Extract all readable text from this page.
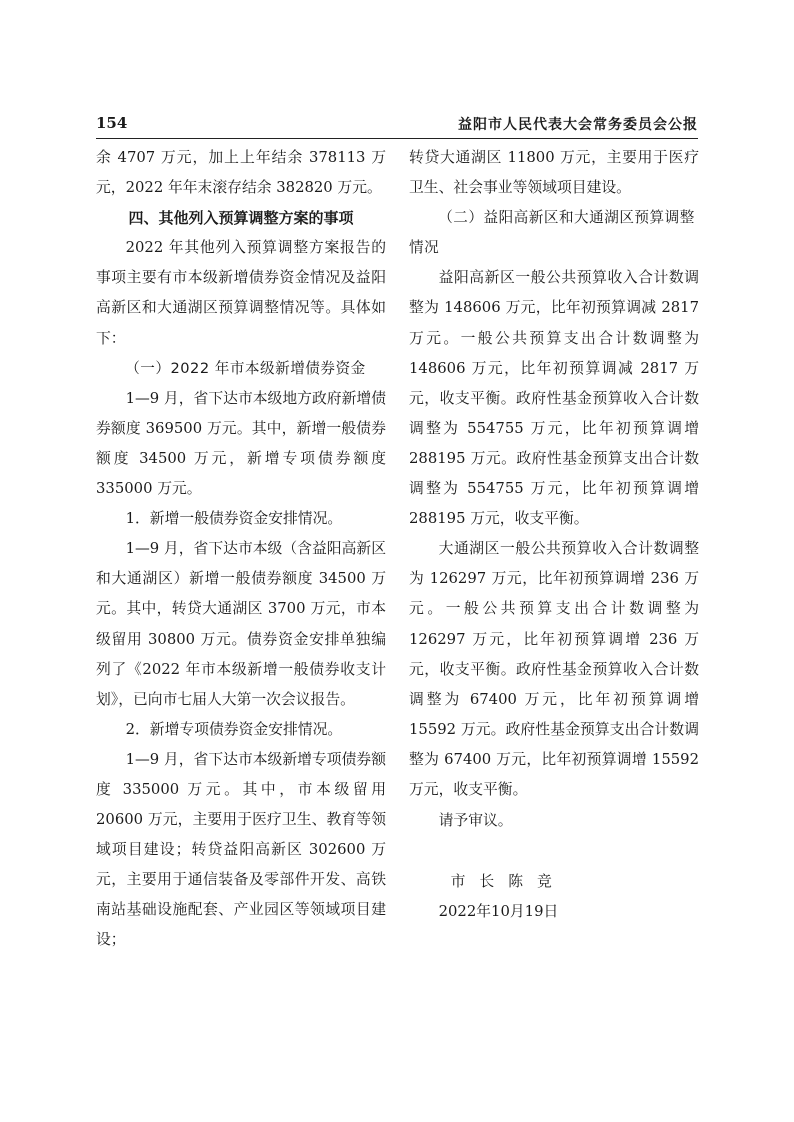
154	益阳市人民代表大会常务委员会公报

余 4707 万元，加上上年结余 378113 万元，2022 年年末滚存结余 382820 万元。

四、其他列入预算调整方案的事项

2022 年其他列入预算调整方案报告的事项主要有市本级新增债券资金情况及益阳高新区和大通湖区预算调整情况等。具体如下：

（一）2022 年市本级新增债券资金

1—9 月，省下达市本级地方政府新增债券额度 369500 万元。其中，新增一般债券额度 34500 万元，新增专项债券额度 335000 万元。

1．新增一般债券资金安排情况。

1—9 月，省下达市本级（含益阳高新区和大通湖区）新增一般债券额度 34500 万元。其中，转贷大通湖区 3700 万元，市本级留用 30800 万元。债券资金安排单独编列了《2022 年市本级新增一般债券收支计划》，已向市七届人大第一次会议报告。

2．新增专项债券资金安排情况。

1—9 月，省下达市本级新增专项债券额度 335000 万元。其中，市本级留用 20600 万元，主要用于医疗卫生、教育等领域项目建设；转贷益阳高新区 302600 万元，主要用于通信装备及零部件开发、高铁南站基础设施配套、产业园区等领域项目建设；

转贷大通湖区 11800 万元，主要用于医疗卫生、社会事业等领域项目建设。

（二）益阳高新区和大通湖区预算调整情况

益阳高新区一般公共预算收入合计数调整为 148606 万元，比年初预算调减 2817 万元。一般公共预算支出合计数调整为 148606 万元，比年初预算调减 2817 万元，收支平衡。政府性基金预算收入合计数调整为 554755 万元，比年初预算调增 288195 万元。政府性基金预算支出合计数调整为 554755 万元，比年初预算调增 288195 万元，收支平衡。

大通湖区一般公共预算收入合计数调整为 126297 万元，比年初预算调增 236 万元。一般公共预算支出合计数调整为 126297 万元，比年初预算调增 236 万元，收支平衡。政府性基金预算收入合计数调整为 67400 万元，比年初预算调增 15592 万元。政府性基金预算支出合计数调整为 67400 万元，比年初预算调增 15592 万元，收支平衡。

请予审议。

市长陈竞

2022年10月19日
